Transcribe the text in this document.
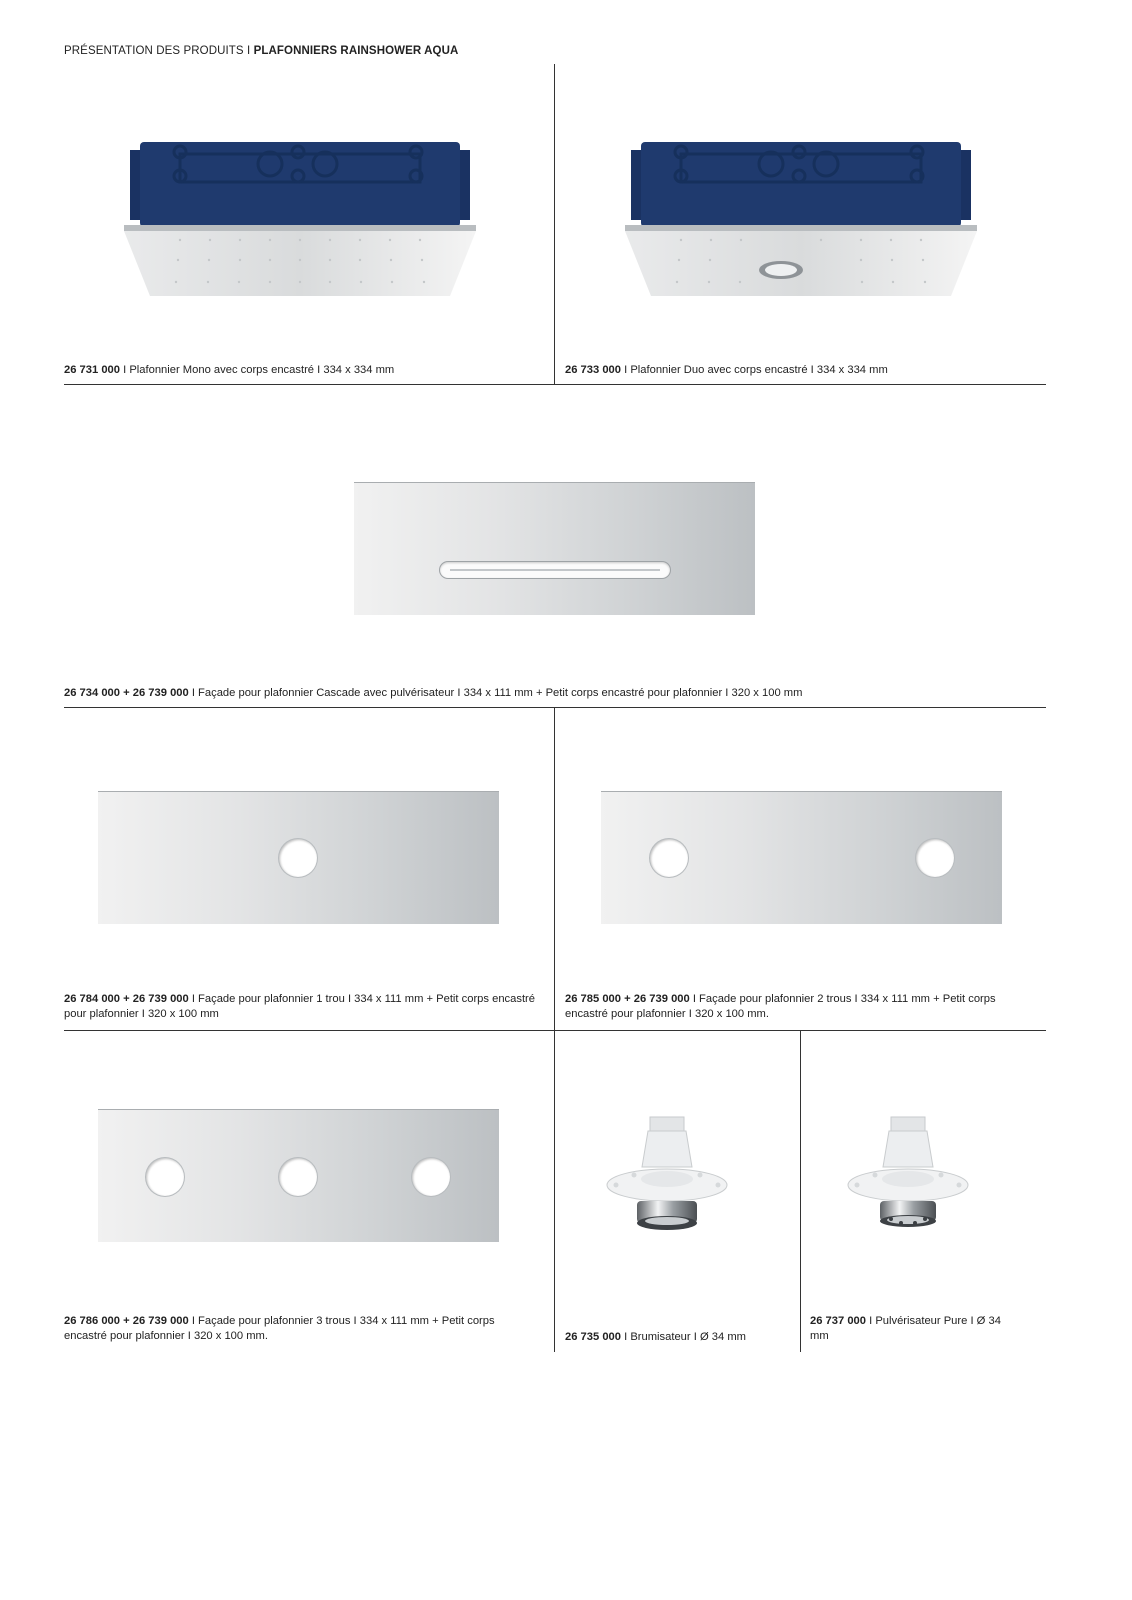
PRÉSENTATION DES PRODUITS I PLAFONNIERS RAINSHOWER AQUA
26 731 000 I Plafonnier Mono avec corps encastré I 334 x 334 mm	26 733 000 I Plafonnier Duo avec corps encastré I 334 x 334 mm
26 734 000 + 26 739 000 I Façade pour plafonnier Cascade avec pulvérisateur I 334 x 111 mm + Petit corps encastré pour plafonnier I 320 x 100 mm
26 784 000 + 26 739 000 I Façade pour plafonnier 1 trou I 334 x 111 mm + Petit corps encastré pour plafonnier I 320 x 100 mm
26 785 000 + 26 739 000 I Façade pour plafonnier 2 trous I 334 x 111 mm + Petit corps encastré pour plafonnier I 320 x 100 mm.
26 786 000 + 26 739 000 I Façade pour plafonnier 3 trous I 334 x 111 mm + Petit corps encastré pour plafonnier I 320 x 100 mm.	26 735 000 I Brumisateur I Ø 34 mm
26 737 000 I Pulvérisateur Pure I Ø 34 mm
